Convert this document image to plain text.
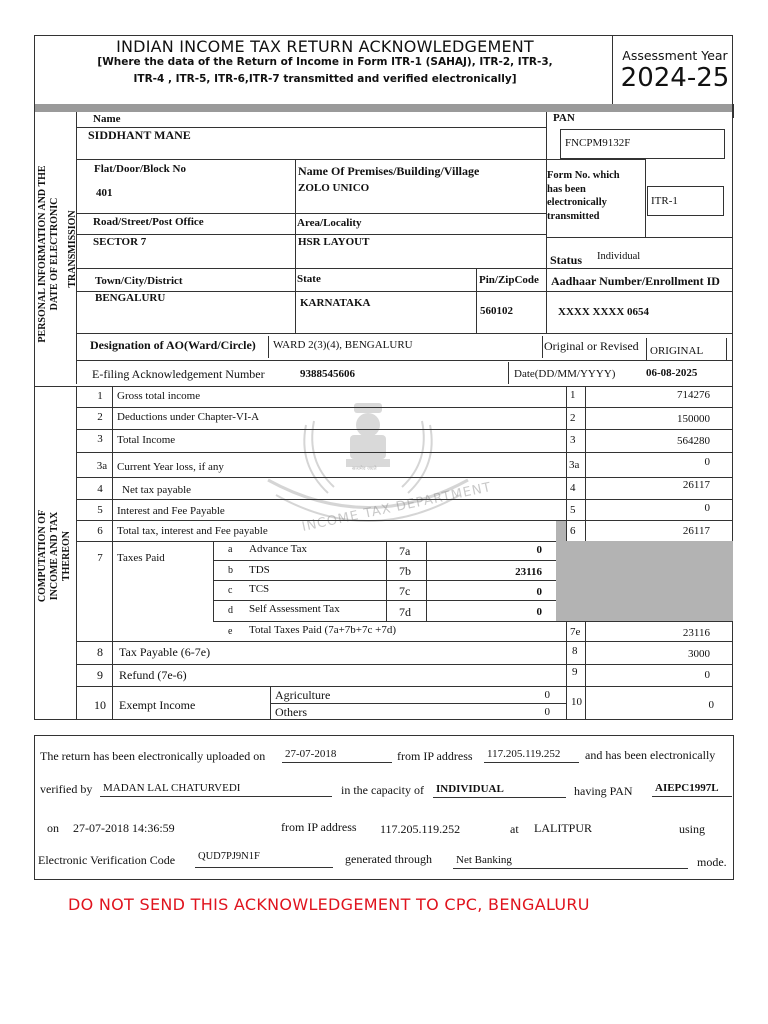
INDIAN INCOME TAX RETURN ACKNOWLEDGEMENT
[Where the data of the Return of Income in Form ITR-1 (SAHAJ), ITR-2, ITR-3,
ITR-4 , ITR-5, ITR-6,ITR-7 transmitted and verified electronically]
Assessment Year
2024-25
PERSONAL INFORMATION AND THE DATE OF ELECTRONIC TRANSMISSION
Name
SIDDHANT MANE
PAN
FNCPM9132F
Flat/Door/Block No
401
Name Of Premises/Building/Village
ZOLO UNICO
Form No. which
has been
electronically
transmitted
ITR-1
Road/Street/Post Office
SECTOR 7
Area/Locality
HSR LAYOUT
Status Individual
Town/City/District
BENGALURU
State
KARNATAKA
Pin/ZipCode
560102
Aadhaar Number/Enrollment ID
XXXX XXXX 0654
Designation of AO(Ward/Circle) WARD 2(3)(4), BENGALURU	Original or Revised ORIGINAL
E-filing Acknowledgement Number	9388545606	Date(DD/MM/YYYY)	06-08-2025
सत्यमेव जयते
INCOME TAX DEPARTMENT
COMPUTATION OF INCOME AND TAX THEREON
1	Gross total income	1	714276
2	Deductions under Chapter-VI-A	2	150000
3	Total Income	3	564280
3a Current Year loss, if any	3a	0
4	Net tax payable	4	26117
5	Interest and Fee Payable	5	0
6	Total tax, interest and Fee payable	6	26117
7	Taxes Paid
a Advance Tax	7a	0
b TDS	7b	23116
c TCS	7c	0
d Self Assessment Tax	7d	0
e Total Taxes Paid (7a+7b+7c +7d)	7e	23116
8	Tax Payable (6-7e)	8	3000
9	Refund (7e-6)	9	0
10	Exempt Income
Agriculture	0
Others	0
10	0
The return has been electronically uploaded on 27-07-2018	from IP address 117.205.119.252	and has been electronically
verified by MADAN LAL CHATURVEDI	in the capacity of INDIVIDUAL	having PAN AIEPC1997L
on 27-07-2018 14:36:59	from IP address 117.205.119.252	at LALITPUR	using
Electronic Verification Code QUD7PJ9N1F	generated through Net Banking	mode.
DO NOT SEND THIS ACKNOWLEDGEMENT TO CPC, BENGALURU
